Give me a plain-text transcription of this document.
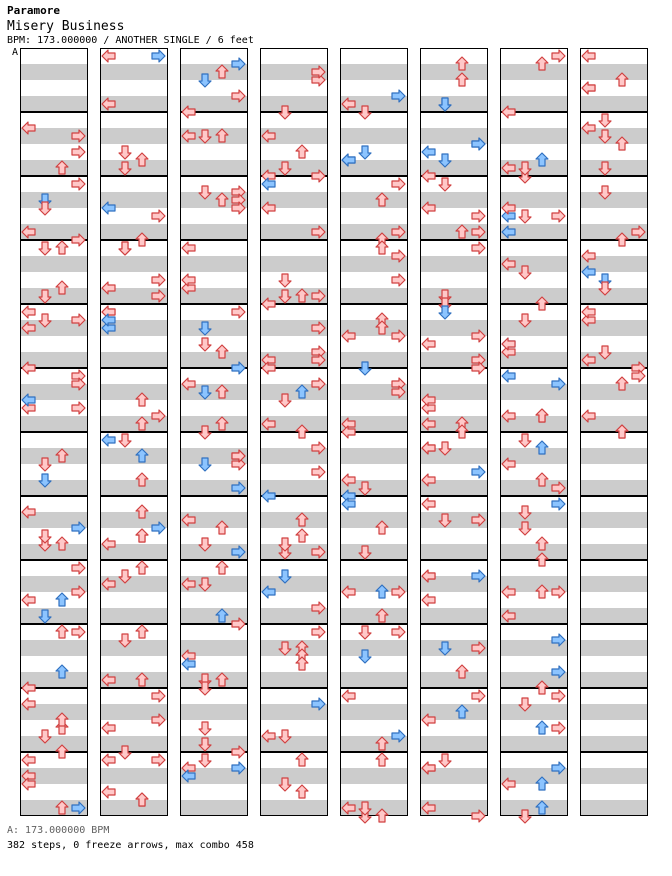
Paramore
Misery Business
BPM: 173.000000 / ANOTHER SINGLE / 6 feet
A
A: 173.000000 BPM
382 steps, 0 freeze arrows, max combo 458
